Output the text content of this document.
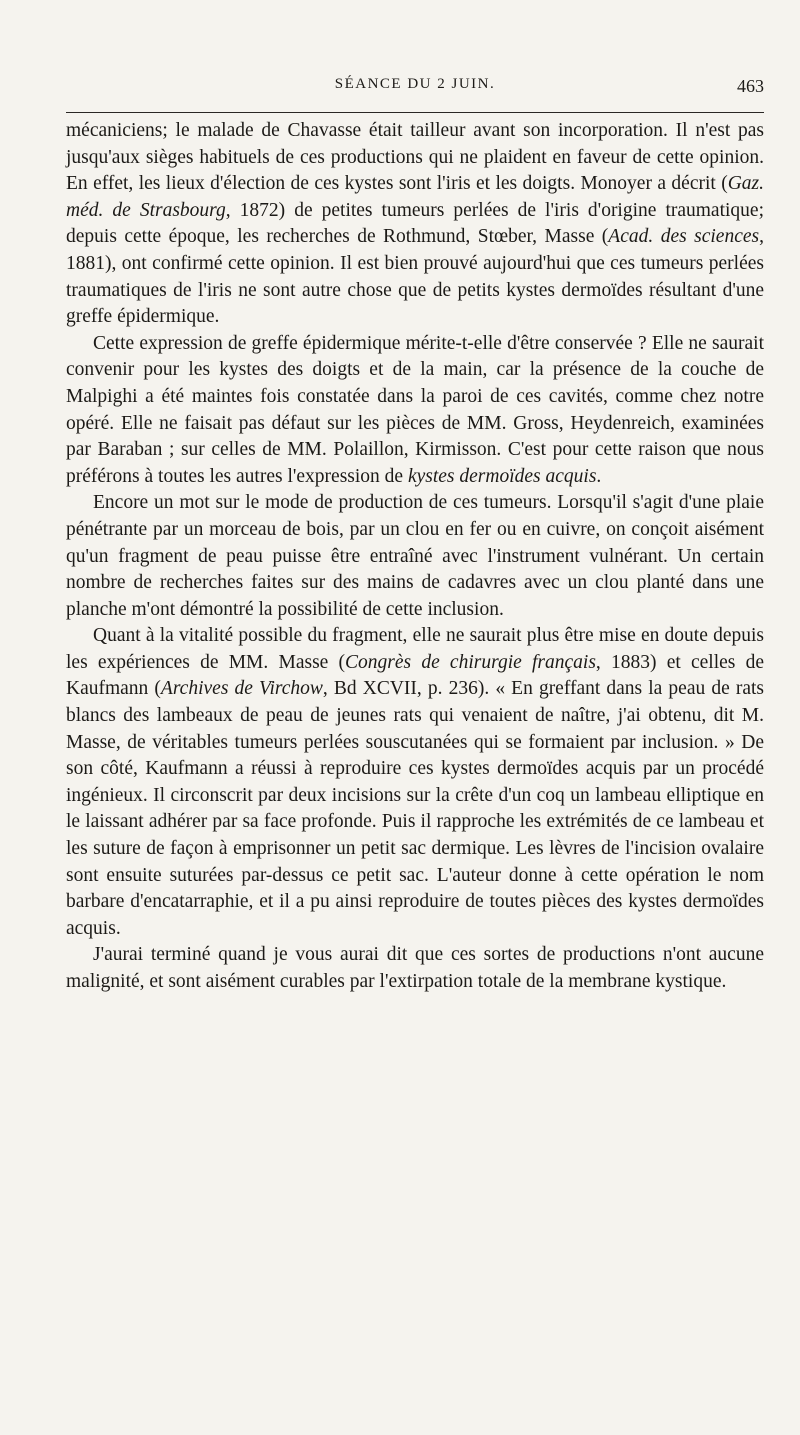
SÉANCE DU 2 JUIN.	463

mécaniciens; le malade de Chavasse était tailleur avant son incorporation. Il n'est pas jusqu'aux sièges habituels de ces productions qui ne plaident en faveur de cette opinion. En effet, les lieux d'élection de ces kystes sont l'iris et les doigts. Monoyer a décrit (Gaz. méd. de Strasbourg, 1872) de petites tumeurs perlées de l'iris d'origine traumatique; depuis cette époque, les recherches de Rothmund, Stœber, Masse (Acad. des sciences, 1881), ont confirmé cette opinion. Il est bien prouvé aujourd'hui que ces tumeurs perlées traumatiques de l'iris ne sont autre chose que de petits kystes dermoïdes résultant d'une greffe épidermique.

Cette expression de greffe épidermique mérite-t-elle d'être conservée ? Elle ne saurait convenir pour les kystes des doigts et de la main, car la présence de la couche de Malpighi a été maintes fois constatée dans la paroi de ces cavités, comme chez notre opéré. Elle ne faisait pas défaut sur les pièces de MM. Gross, Heydenreich, examinées par Baraban ; sur celles de MM. Polaillon, Kirmisson. C'est pour cette raison que nous préférons à toutes les autres l'expression de kystes dermoïdes acquis.

Encore un mot sur le mode de production de ces tumeurs. Lorsqu'il s'agit d'une plaie pénétrante par un morceau de bois, par un clou en fer ou en cuivre, on conçoit aisément qu'un fragment de peau puisse être entraîné avec l'instrument vulnérant. Un certain nombre de recherches faites sur des mains de cadavres avec un clou planté dans une planche m'ont démontré la possibilité de cette inclusion.

Quant à la vitalité possible du fragment, elle ne saurait plus être mise en doute depuis les expériences de MM. Masse (Congrès de chirurgie français, 1883) et celles de Kaufmann (Archives de Virchow, Bd XCVII, p. 236). « En greffant dans la peau de rats blancs des lambeaux de peau de jeunes rats qui venaient de naître, j'ai obtenu, dit M. Masse, de véritables tumeurs perlées souscutanées qui se formaient par inclusion. » De son côté, Kaufmann a réussi à reproduire ces kystes dermoïdes acquis par un procédé ingénieux. Il circonscrit par deux incisions sur la crête d'un coq un lambeau elliptique en le laissant adhérer par sa face profonde. Puis il rapproche les extrémités de ce lambeau et les suture de façon à emprisonner un petit sac dermique. Les lèvres de l'incision ovalaire sont ensuite suturées par-dessus ce petit sac. L'auteur donne à cette opération le nom barbare d'encatarraphie, et il a pu ainsi reproduire de toutes pièces des kystes dermoïdes acquis.

J'aurai terminé quand je vous aurai dit que ces sortes de productions n'ont aucune malignité, et sont aisément curables par l'extirpation totale de la membrane kystique.
